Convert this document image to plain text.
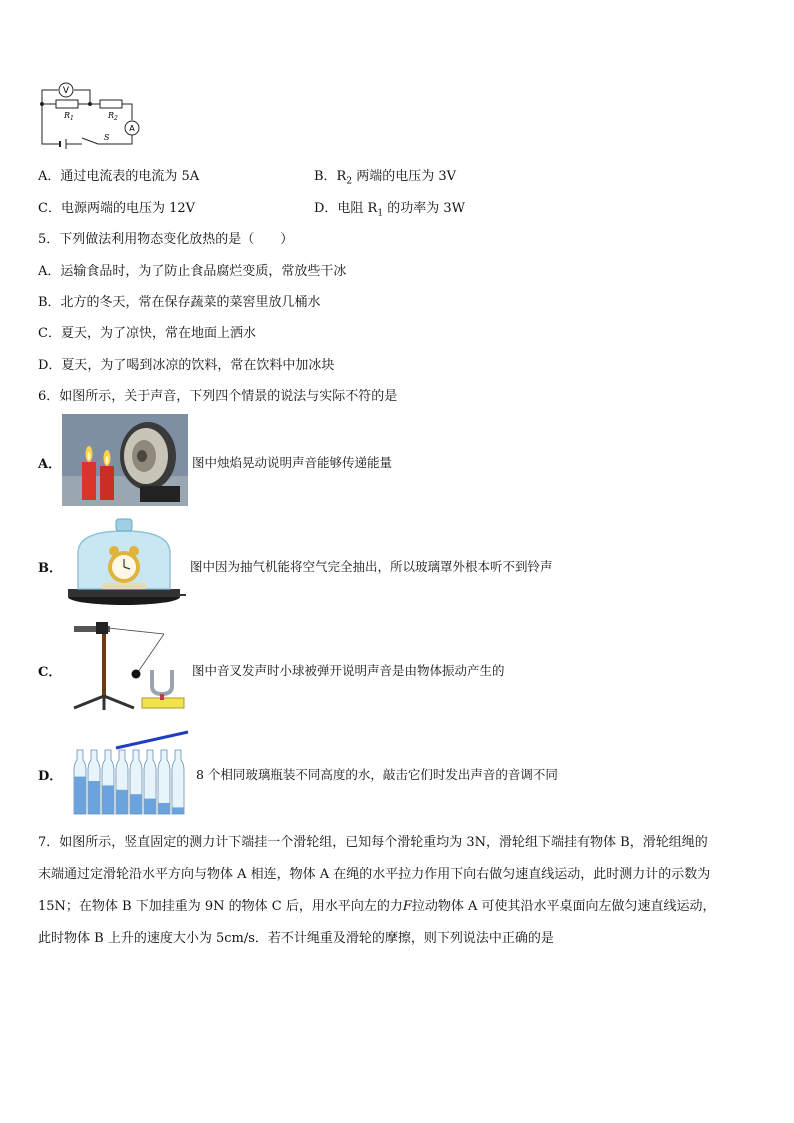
V
A
$R_1$	$R_2$
S
A．通过电流表的电流为 5A	B．$R_2$ 两端的电压为 3V
C．电源两端的电压为 12V	D．电阻 $R_1$ 的功率为 3W
5．下列做法利用物态变化放热的是（　　）
A．运输食品时，为了防止食品腐烂变质，常放些干冰
B．北方的冬天，常在保存蔬菜的菜窖里放几桶水
C．夏天，为了凉快，常在地面上洒水
D．夏天，为了喝到冰凉的饮料，常在饮料中加冰块
6．如图所示，关于声音，下列四个情景的说法与实际不符的是
A．	图中烛焰晃动说明声音能够传递能量
B．	图中因为抽气机能将空气完全抽出，所以玻璃罩外根本听不到铃声
C．	图中音叉发声时小球被弹开说明声音是由物体振动产生的
D．	8 个相同玻璃瓶装不同高度的水，敲击它们时发出声音的音调不同
7．如图所示，竖直固定的测力计下端挂一个滑轮组，已知每个滑轮重均为 3N，滑轮组下端挂有物体 B，滑轮组绳的
末端通过定滑轮沿水平方向与物体 A 相连，物体 A 在绳的水平拉力作用下向右做匀速直线运动，此时测力计的示数为
15N；在物体 B 下加挂重为 9N 的物体 C 后，用水平向左的力F拉动物体 A 可使其沿水平桌面向左做匀速直线运动，
此时物体 B 上升的速度大小为 5cm/s．若不计绳重及滑轮的摩擦，则下列说法中正确的是
